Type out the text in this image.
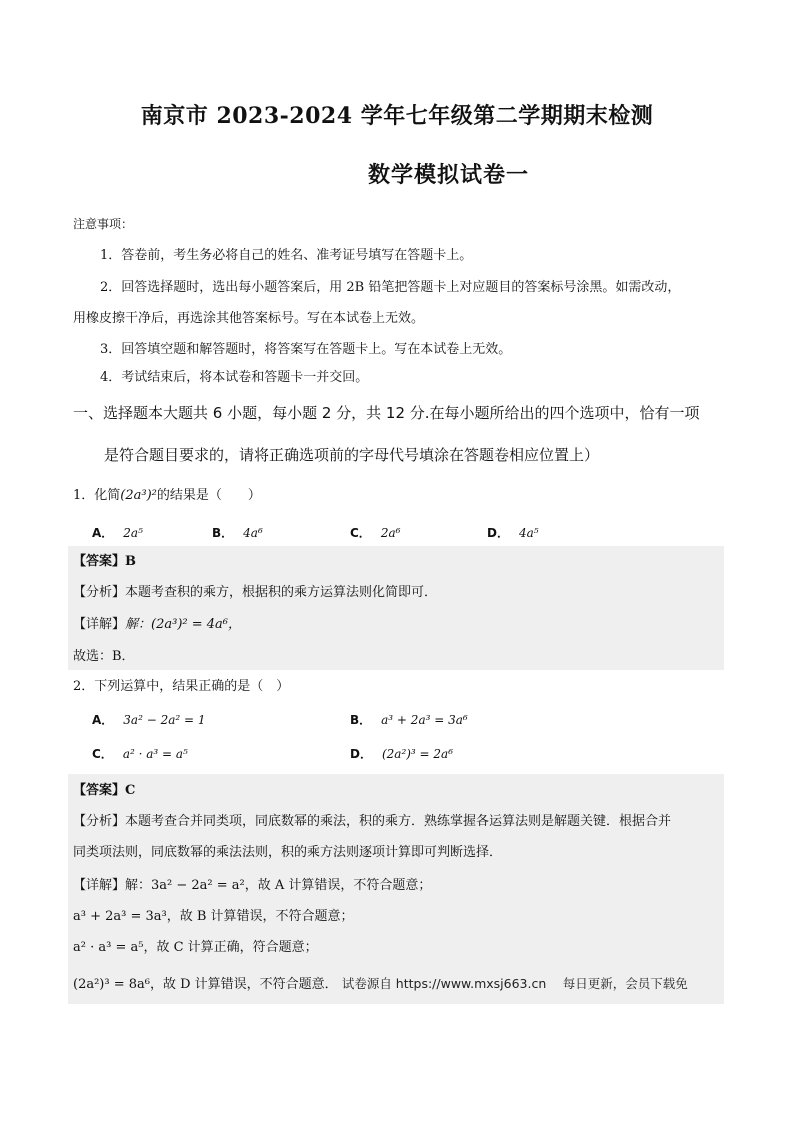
南京市 2023-2024 学年七年级第二学期期末检测
数学模拟试卷一
注意事项：
1．答卷前，考生务必将自己的姓名、准考证号填写在答题卡上。
2．回答选择题时，选出每小题答案后，用 2B 铅笔把答题卡上对应题目的答案标号涂黑。如需改动，
用橡皮擦干净后，再选涂其他答案标号。写在本试卷上无效。
3．回答填空题和解答题时，将答案写在答题卡上。写在本试卷上无效。
4．考试结束后，将本试卷和答题卡一并交回。
一、选择题本大题共 6 小题，每小题 2 分，共 12 分.在每小题所给出的四个选项中，恰有一项
是符合题目要求的，请将正确选项前的字母代号填涂在答题卷相应位置上）
1．化简(2a³)²的结果是（　　）
A． 2a⁵	B． 4a⁶	C． 2a⁶	D． 4a⁵
【答案】B
【分析】本题考查积的乘方，根据积的乘方运算法则化简即可．
【详解】解：(2a³)² = 4a⁶，
故选：B．
2．下列运算中，结果正确的是（　）
A． 3a² − 2a² = 1	B． a³ + 2a³ = 3a⁶
C． a² · a³ = a⁵	D． (2a²)³ = 2a⁶
【答案】C
【分析】本题考查合并同类项，同底数幂的乘法，积的乘方．熟练掌握各运算法则是解题关键．根据合并
同类项法则，同底数幂的乘法法则，积的乘方法则逐项计算即可判断选择．
【详解】解：3a² − 2a² = a²，故 A 计算错误，不符合题意；
a³ + 2a³ = 3a³，故 B 计算错误，不符合题意；
a² · a³ = a⁵，故 C 计算正确，符合题意；
(2a²)³ = 8a⁶，故 D 计算错误，不符合题意． 试卷源自 https://www.mxsj663.cn　 每日更新，会员下载免
